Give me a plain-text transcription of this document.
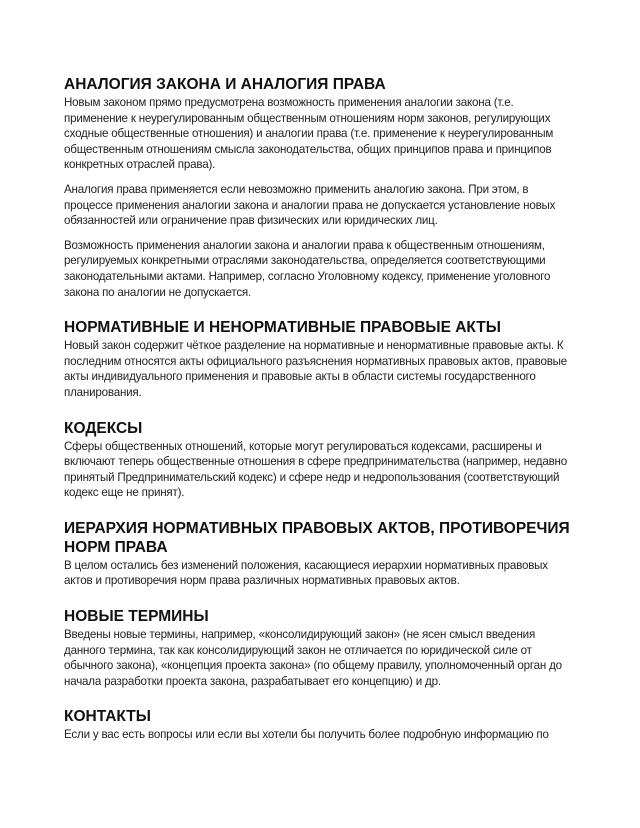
АНАЛОГИЯ ЗАКОНА И АНАЛОГИЯ ПРАВА

Новым законом прямо предусмотрена возможность применения аналогии закона (т.е. применение к неурегулированным общественным отношениям норм законов, регулирующих сходные общественные отношения) и аналогии права (т.е. применение к неурегулированным общественным отношениям смысла законодательства, общих принципов права и принципов конкретных отраслей права).

Аналогия права применяется если невозможно применить аналогию закона. При этом, в процессе применения аналогии закона и аналогии права не допускается установление новых обязанностей или ограничение прав физических или юридических лиц.

Возможность применения аналогии закона и аналогии права к общественным отношениям, регулируемых конкретными отраслями законодательства, определяется соответствующими законодательными актами. Например, согласно Уголовному кодексу, применение уголовного закона по аналогии не допускается.

НОРМАТИВНЫЕ И НЕНОРМАТИВНЫЕ ПРАВОВЫЕ АКТЫ

Новый закон содержит чёткое разделение на нормативные и ненормативные правовые акты. К последним относятся акты официального разъяснения нормативных правовых актов, правовые акты индивидуального применения и правовые акты в области системы государственного планирования.

КОДЕКСЫ

Сферы общественных отношений, которые могут регулироваться кодексами, расширены и включают теперь общественные отношения в сфере предпринимательства (например, недавно принятый Предпринимательский кодекс) и сфере недр и недропользования (соответствующий кодекс еще не принят).

ИЕРАРХИЯ НОРМАТИВНЫХ ПРАВОВЫХ АКТОВ, ПРОТИВОРЕЧИЯ НОРМ ПРАВА

В целом остались без изменений положения, касающиеся иерархии нормативных правовых актов и противоречия норм права различных нормативных правовых актов.

НОВЫЕ ТЕРМИНЫ

Введены новые термины, например, «консолидирующий закон» (не ясен смысл введения данного термина, так как консолидирующий закон не отличается по юридической силе от обычного закона), «концепция проекта закона» (по общему правилу, уполномоченный орган до начала разработки проекта закона, разрабатывает его концепцию) и др.

КОНТАКТЫ

Если у вас есть вопросы или если вы хотели бы получить более подробную информацию по
